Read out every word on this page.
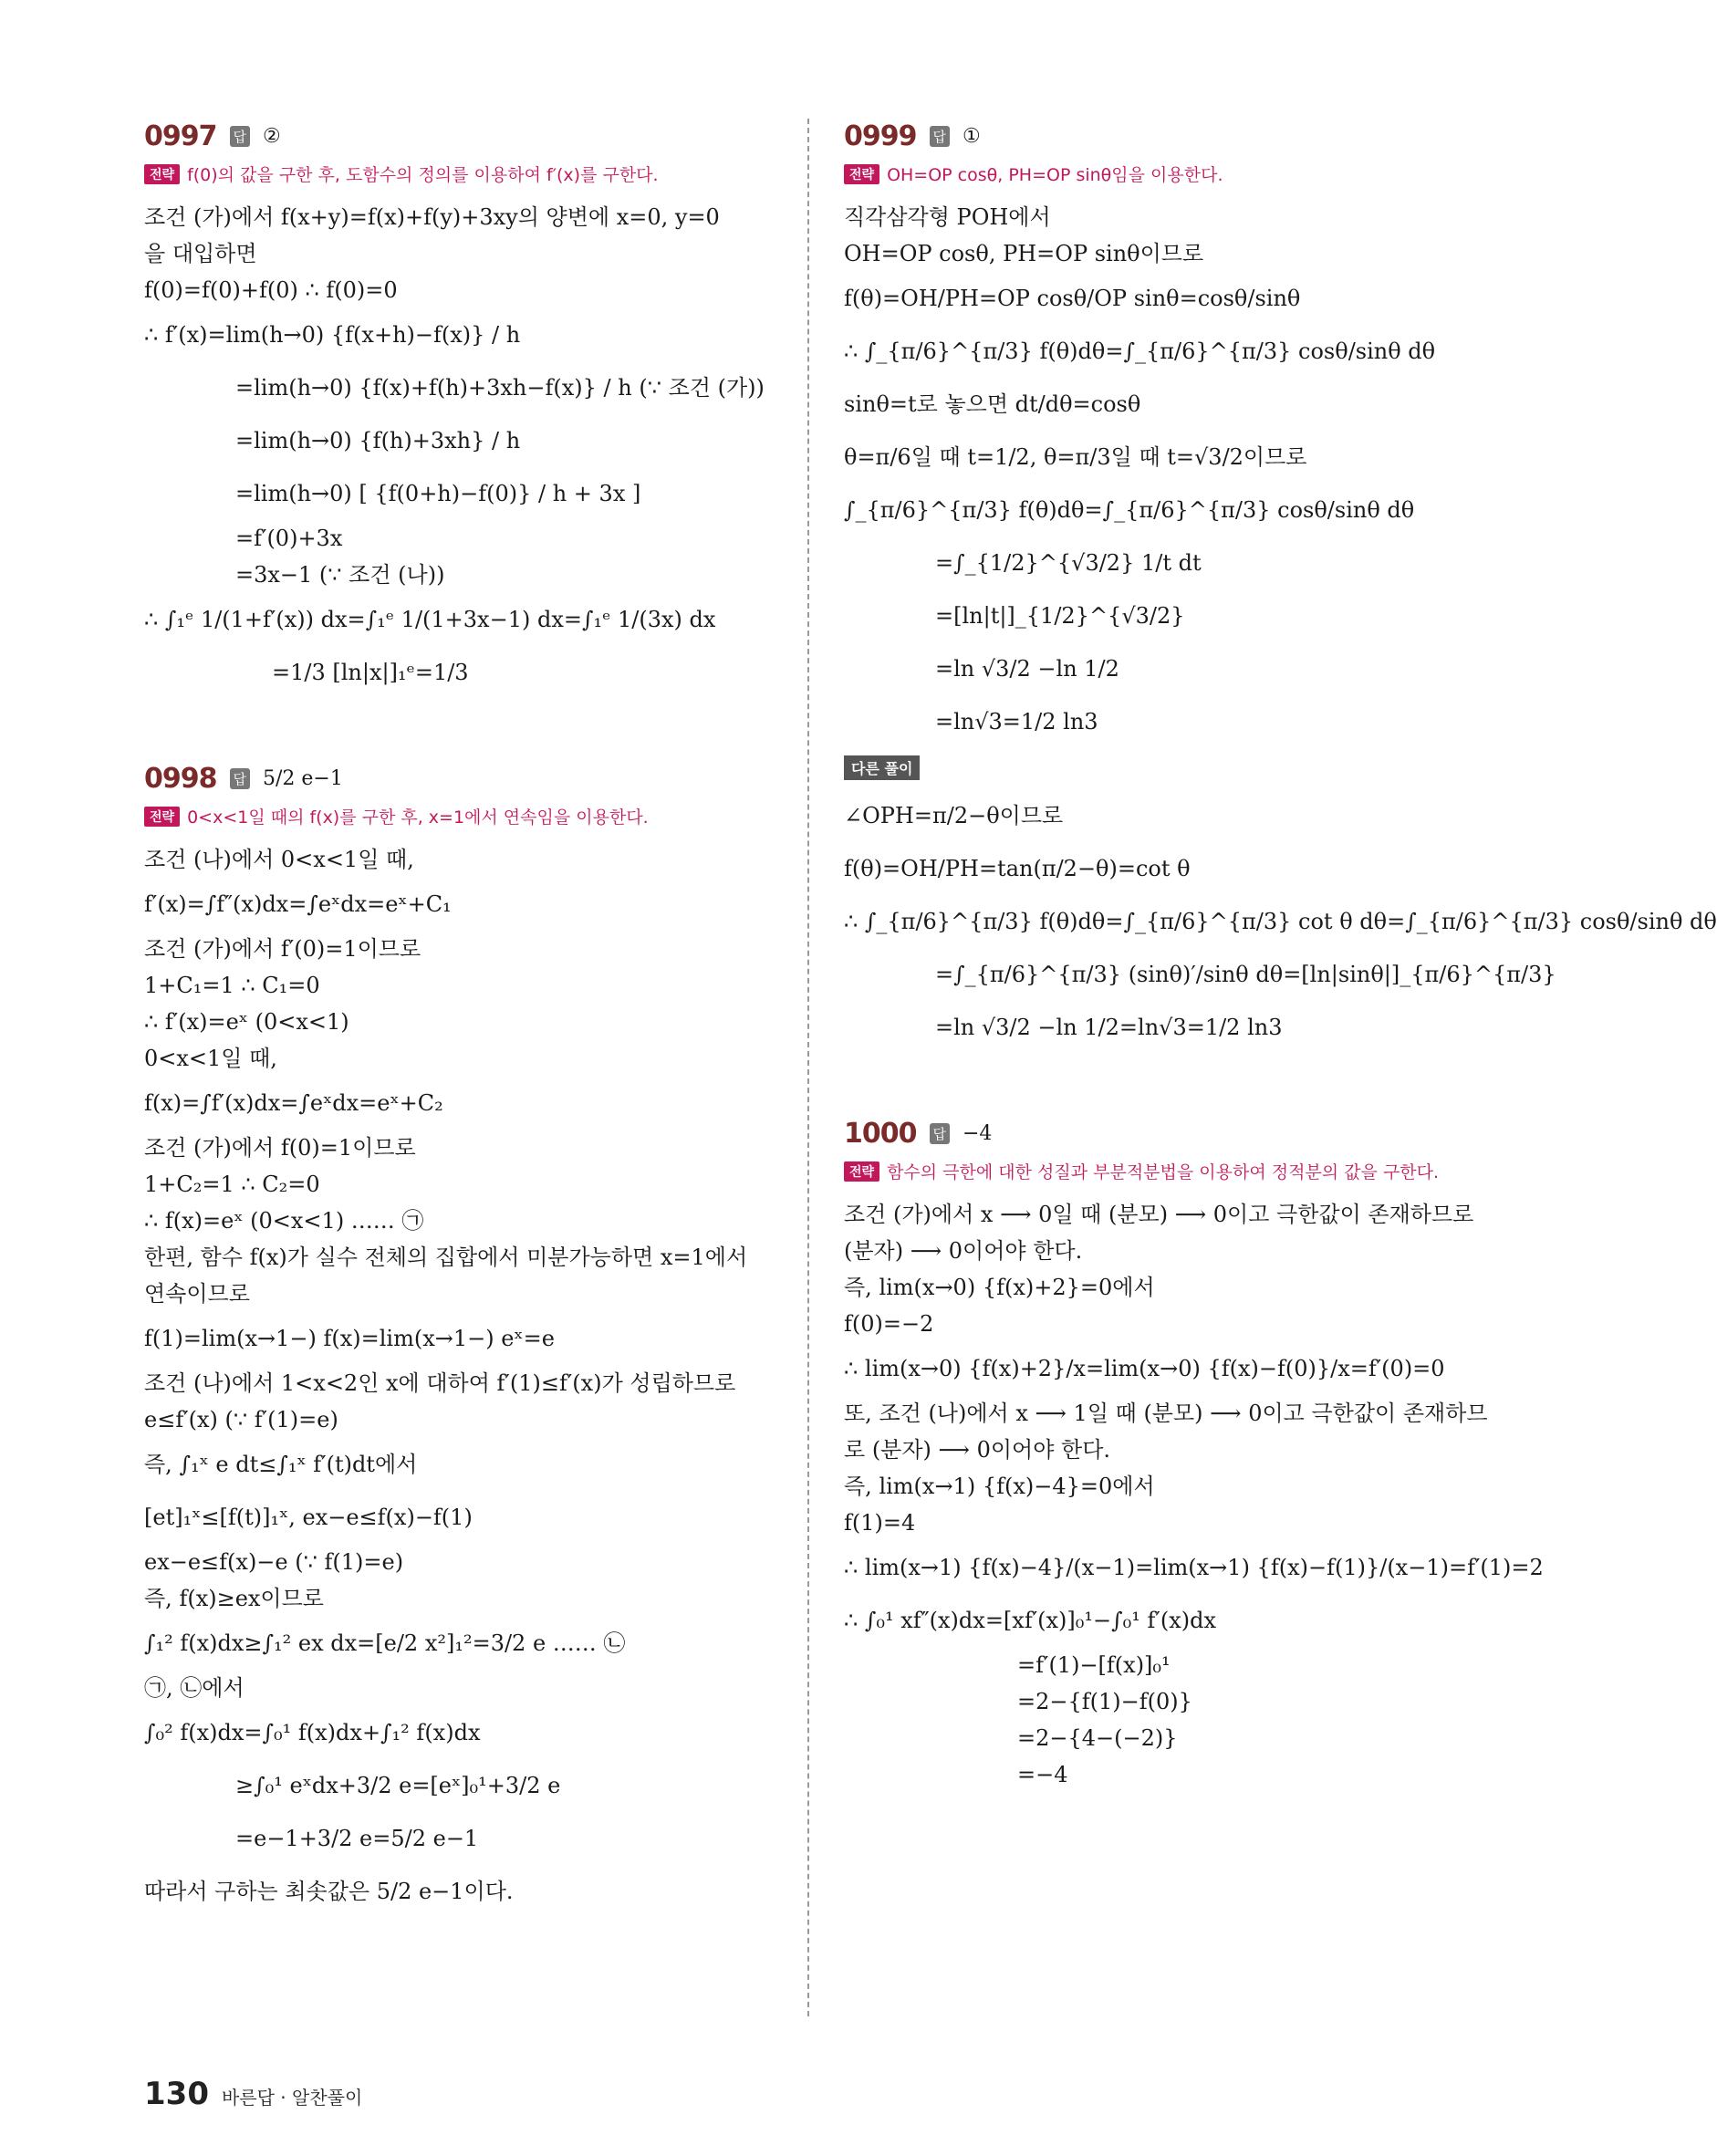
0997 답 ②
전략 f(0)의 값을 구한 후, 도함수의 정의를 이용하여 f′(x)를 구한다.
조건 (가)에서 f(x+y)=f(x)+f(y)+3xy의 양변에 x=0, y=0
을 대입하면
f(0)=f(0)+f(0) ∴ f(0)=0
∴ f′(x)=lim(h→0) {f(x+h)−f(x)} / h
=lim(h→0) {f(x)+f(h)+3xh−f(x)} / h (∵ 조건 (가))
=lim(h→0) {f(h)+3xh} / h
=lim(h→0) [ {f(0+h)−f(0)} / h + 3x ]
=f′(0)+3x
=3x−1 (∵ 조건 (나))
∴ ∫₁ᵉ 1/(1+f′(x)) dx=∫₁ᵉ 1/(1+3x−1) dx=∫₁ᵉ 1/(3x) dx
=1/3 [ln|x|]₁ᵉ=1/3
0998 답 5/2 e−1
전략 0<x<1일 때의 f(x)를 구한 후, x=1에서 연속임을 이용한다.
조건 (나)에서 0<x<1일 때,
f′(x)=∫f″(x)dx=∫eˣdx=eˣ+C₁
조건 (가)에서 f′(0)=1이므로
1+C₁=1 ∴ C₁=0
∴ f′(x)=eˣ (0<x<1)
0<x<1일 때,
f(x)=∫f′(x)dx=∫eˣdx=eˣ+C₂
조건 (가)에서 f(0)=1이므로
1+C₂=1 ∴ C₂=0
∴ f(x)=eˣ (0<x<1) …… ㉠
한편, 함수 f(x)가 실수 전체의 집합에서 미분가능하면 x=1에서
연속이므로
f(1)=lim(x→1−) f(x)=lim(x→1−) eˣ=e
조건 (나)에서 1<x<2인 x에 대하여 f′(1)≤f′(x)가 성립하므로
e≤f′(x) (∵ f′(1)=e)
즉, ∫₁ˣ e dt≤∫₁ˣ f′(t)dt에서
[et]₁ˣ≤[f(t)]₁ˣ, ex−e≤f(x)−f(1)
ex−e≤f(x)−e (∵ f(1)=e)
즉, f(x)≥ex이므로
∫₁² f(x)dx≥∫₁² ex dx=[e/2 x²]₁²=3/2 e …… ㉡
㉠, ㉡에서
∫₀² f(x)dx=∫₀¹ f(x)dx+∫₁² f(x)dx
≥∫₀¹ eˣdx+3/2 e=[eˣ]₀¹+3/2 e
=e−1+3/2 e=5/2 e−1
따라서 구하는 최솟값은 5/2 e−1이다.
0999 답 ①
전략 OH=OP cosθ, PH=OP sinθ임을 이용한다.
직각삼각형 POH에서
OH=OP cosθ, PH=OP sinθ이므로
f(θ)=OH/PH=OP cosθ/OP sinθ=cosθ/sinθ
∴ ∫_{π/6}^{π/3} f(θ)dθ=∫_{π/6}^{π/3} cosθ/sinθ dθ
sinθ=t로 놓으면 dt/dθ=cosθ
θ=π/6일 때 t=1/2, θ=π/3일 때 t=√3/2이므로
∫_{π/6}^{π/3} f(θ)dθ=∫_{π/6}^{π/3} cosθ/sinθ dθ
=∫_{1/2}^{√3/2} 1/t dt
=[ln|t|]_{1/2}^{√3/2}
=ln √3/2 −ln 1/2
=ln√3=1/2 ln3
다른 풀이
∠OPH=π/2−θ이므로
f(θ)=OH/PH=tan(π/2−θ)=cot θ
∴ ∫_{π/6}^{π/3} f(θ)dθ=∫_{π/6}^{π/3} cot θ dθ=∫_{π/6}^{π/3} cosθ/sinθ dθ
=∫_{π/6}^{π/3} (sinθ)′/sinθ dθ=[ln|sinθ|]_{π/6}^{π/3}
=ln √3/2 −ln 1/2=ln√3=1/2 ln3
1000 답 −4
전략 함수의 극한에 대한 성질과 부분적분법을 이용하여 정적분의 값을 구한다.
조건 (가)에서 x ⟶ 0일 때 (분모) ⟶ 0이고 극한값이 존재하므로
(분자) ⟶ 0이어야 한다.
즉, lim(x→0) {f(x)+2}=0에서
f(0)=−2
∴ lim(x→0) {f(x)+2}/x=lim(x→0) {f(x)−f(0)}/x=f′(0)=0
또, 조건 (나)에서 x ⟶ 1일 때 (분모) ⟶ 0이고 극한값이 존재하므
로 (분자) ⟶ 0이어야 한다.
즉, lim(x→1) {f(x)−4}=0에서
f(1)=4
∴ lim(x→1) {f(x)−4}/(x−1)=lim(x→1) {f(x)−f(1)}/(x−1)=f′(1)=2
∴ ∫₀¹ xf″(x)dx=[xf′(x)]₀¹−∫₀¹ f′(x)dx
=f′(1)−[f(x)]₀¹
=2−{f(1)−f(0)}
=2−{4−(−2)}
=−4
130 바른답 · 알찬풀이
